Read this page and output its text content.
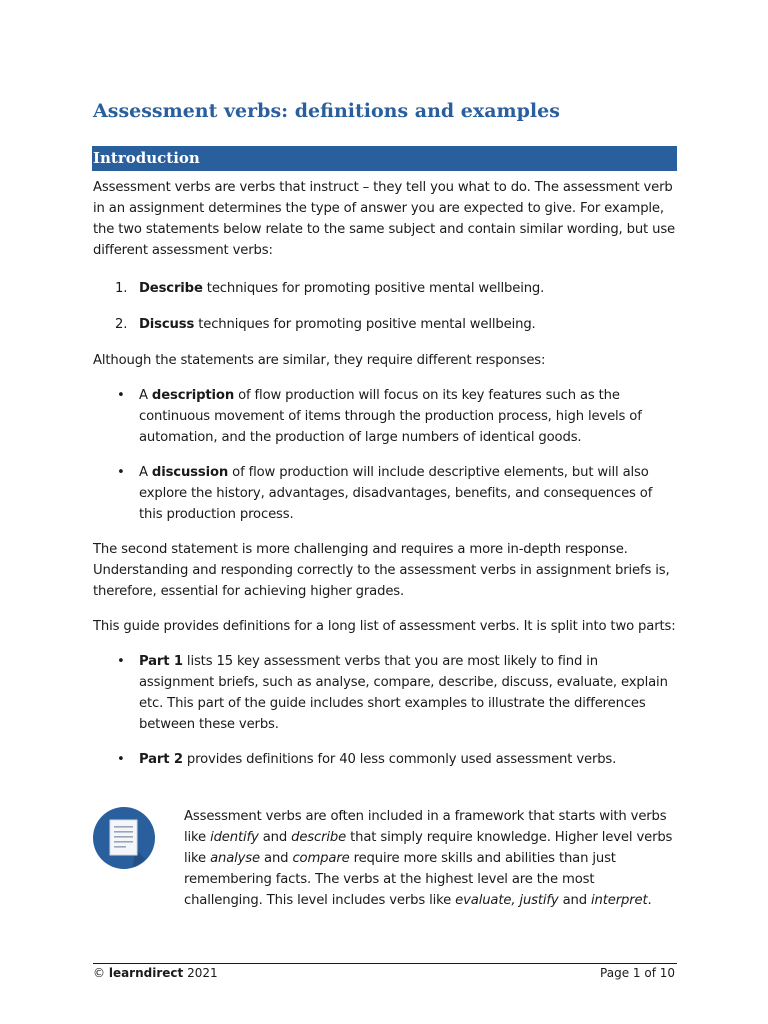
Assessment verbs: definitions and examples
Introduction

Assessment verbs are verbs that instruct – they tell you what to do. The assessment verb in an assignment determines the type of answer you are expected to give. For example, the two statements below relate to the same subject and contain similar wording, but use different assessment verbs:

1. Describe techniques for promoting positive mental wellbeing.
2. Discuss techniques for promoting positive mental wellbeing.

Although the statements are similar, they require different responses:

• A description of flow production will focus on its key features such as the continuous movement of items through the production process, high levels of automation, and the production of large numbers of identical goods.
• A discussion of flow production will include descriptive elements, but will also explore the history, advantages, disadvantages, benefits, and consequences of this production process.

The second statement is more challenging and requires a more in-depth response. Understanding and responding correctly to the assessment verbs in assignment briefs is, therefore, essential for achieving higher grades.

This guide provides definitions for a long list of assessment verbs. It is split into two parts:

• Part 1 lists 15 key assessment verbs that you are most likely to find in assignment briefs, such as analyse, compare, describe, discuss, evaluate, explain etc. This part of the guide includes short examples to illustrate the differences between these verbs.
• Part 2 provides definitions for 40 less commonly used assessment verbs.
Assessment verbs are often included in a framework that starts with verbs like identify and describe that simply require knowledge. Higher level verbs like analyse and compare require more skills and abilities than just remembering facts. The verbs at the highest level are the most challenging. This level includes verbs like evaluate, justify and interpret.
© learndirect 2021	Page 1 of 10
